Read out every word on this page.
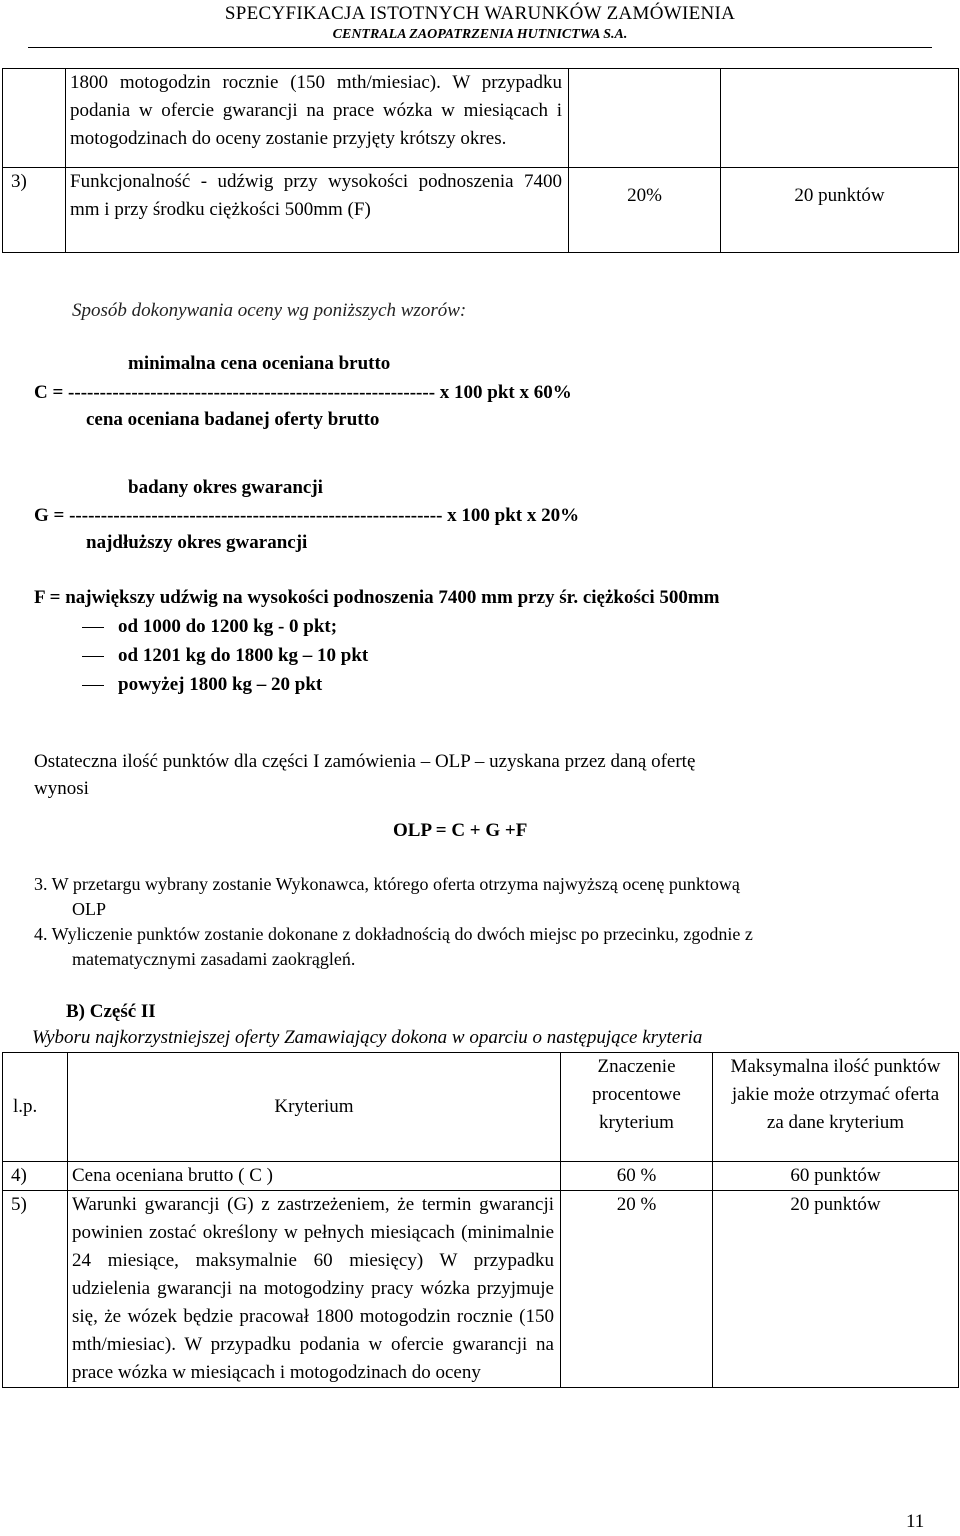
SPECYFIKACJA ISTOTNYCH WARUNKÓW ZAMÓWIENIA
CENTRALA ZAOPATRZENIA HUTNICTWA S.A.
	1800 motogodzin rocznie (150 mth/miesiac). W przypadku podania w ofercie gwarancji na prace wózka w miesiącach i motogodzinach do oceny zostanie przyjęty krótszy okres.		
3)	Funkcjonalność - udźwig przy wysokości podnoszenia 7400 mm i przy środku ciężkości 500mm (F)	20%	20 punktów
Sposób dokonywania oceny wg poniższych wzorów:
minimalna cena oceniana brutto
C = ---------------------------------------------------------- x 100 pkt x 60%
cena oceniana badanej oferty brutto
badany okres gwarancji
G = ----------------------------------------------------------- x 100 pkt x 20%
najdłuższy okres gwarancji
F = największy udźwig na wysokości podnoszenia 7400 mm przy śr. ciężkości 500mm
od 1000 do 1200 kg - 0 pkt;
od 1201 kg do 1800 kg – 10 pkt
powyżej 1800 kg – 20 pkt
Ostateczna ilość punktów dla części I zamówienia – OLP – uzyskana przez daną ofertę
wynosi
OLP = C + G +F
3. W przetargu wybrany zostanie Wykonawca, którego oferta otrzyma najwyższą ocenę punktową
OLP
4. Wyliczenie punktów zostanie dokonane z dokładnością do dwóch miejsc po przecinku, zgodnie z
matematycznymi zasadami zaokrągleń.
B) Część II
Wyboru najkorzystniejszej oferty Zamawiający dokona w oparciu o następujące kryteria
l.p.	Kryterium	Znaczenie procentowe kryterium	Maksymalna ilość punktów jakie może otrzymać oferta za dane kryterium
4)	Cena oceniana brutto ( C )	60 %	60 punktów
5)	Warunki gwarancji (G) z zastrzeżeniem, że termin gwarancji powinien zostać określony w pełnych miesiącach (minimalnie 24 miesiące, maksymalnie 60 miesięcy) W przypadku udzielenia gwarancji na motogodziny pracy wózka przyjmuje się, że wózek będzie pracował 1800 motogodzin rocznie (150 mth/miesiac). W przypadku podania w ofercie gwarancji na prace wózka w miesiącach i motogodzinach do oceny	20 %	20 punktów
11
